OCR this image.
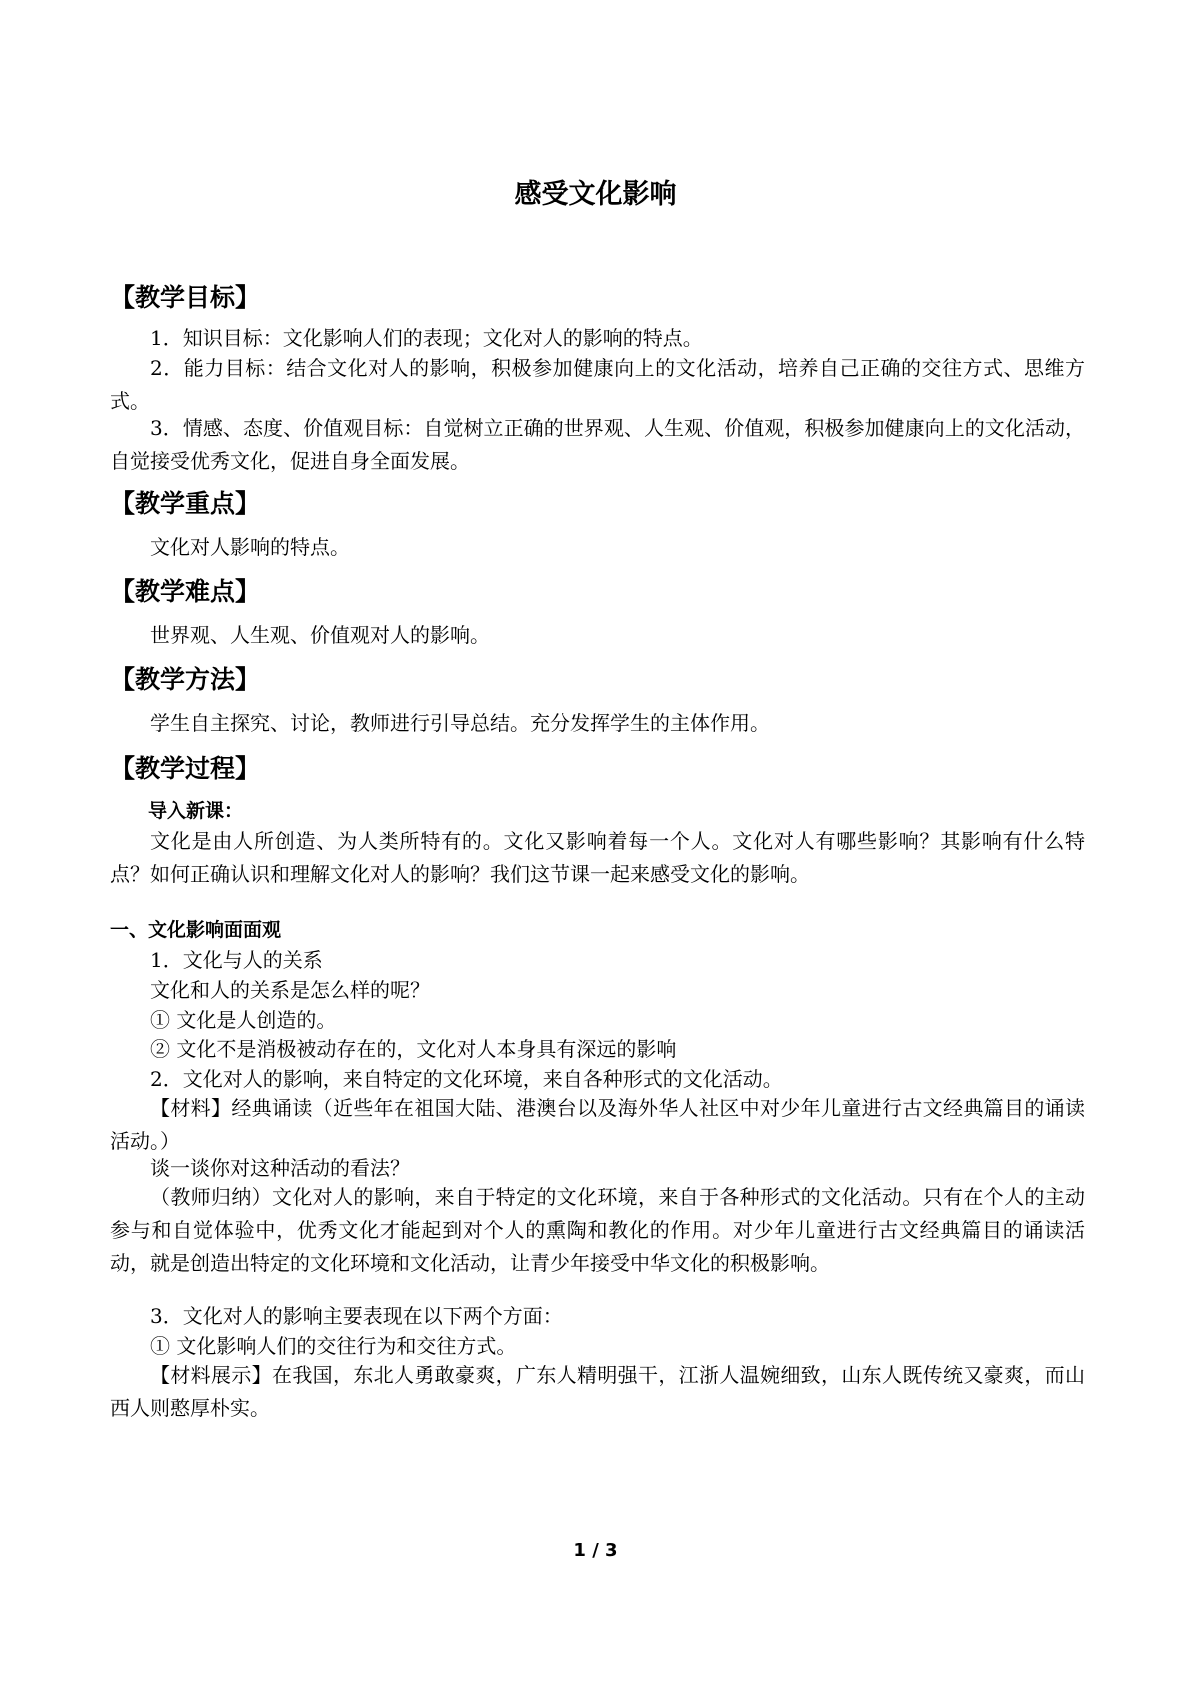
感受文化影响
【教学目标】
1．知识目标：文化影响人们的表现；文化对人的影响的特点。
2．能力目标：结合文化对人的影响，积极参加健康向上的文化活动，培养自己正确的交往方式、思维方式。
3．情感、态度、价值观目标：自觉树立正确的世界观、人生观、价值观，积极参加健康向上的文化活动，自觉接受优秀文化，促进自身全面发展。
【教学重点】
文化对人影响的特点。
【教学难点】
世界观、人生观、价值观对人的影响。
【教学方法】
学生自主探究、讨论，教师进行引导总结。充分发挥学生的主体作用。
【教学过程】
导入新课：
文化是由人所创造、为人类所特有的。文化又影响着每一个人。文化对人有哪些影响？其影响有什么特点？如何正确认识和理解文化对人的影响？我们这节课一起来感受文化的影响。
一、文化影响面面观
1．文化与人的关系
文化和人的关系是怎么样的呢？
① 文化是人创造的。
② 文化不是消极被动存在的，文化对人本身具有深远的影响
2．文化对人的影响，来自特定的文化环境，来自各种形式的文化活动。
【材料】经典诵读（近些年在祖国大陆、港澳台以及海外华人社区中对少年儿童进行古文经典篇目的诵读活动。）
谈一谈你对这种活动的看法？
（教师归纳）文化对人的影响，来自于特定的文化环境，来自于各种形式的文化活动。只有在个人的主动参与和自觉体验中，优秀文化才能起到对个人的熏陶和教化的作用。对少年儿童进行古文经典篇目的诵读活动，就是创造出特定的文化环境和文化活动，让青少年接受中华文化的积极影响。
3．文化对人的影响主要表现在以下两个方面：
① 文化影响人们的交往行为和交往方式。
【材料展示】在我国，东北人勇敢豪爽，广东人精明强干，江浙人温婉细致，山东人既传统又豪爽，而山西人则憨厚朴实。
1 / 3
